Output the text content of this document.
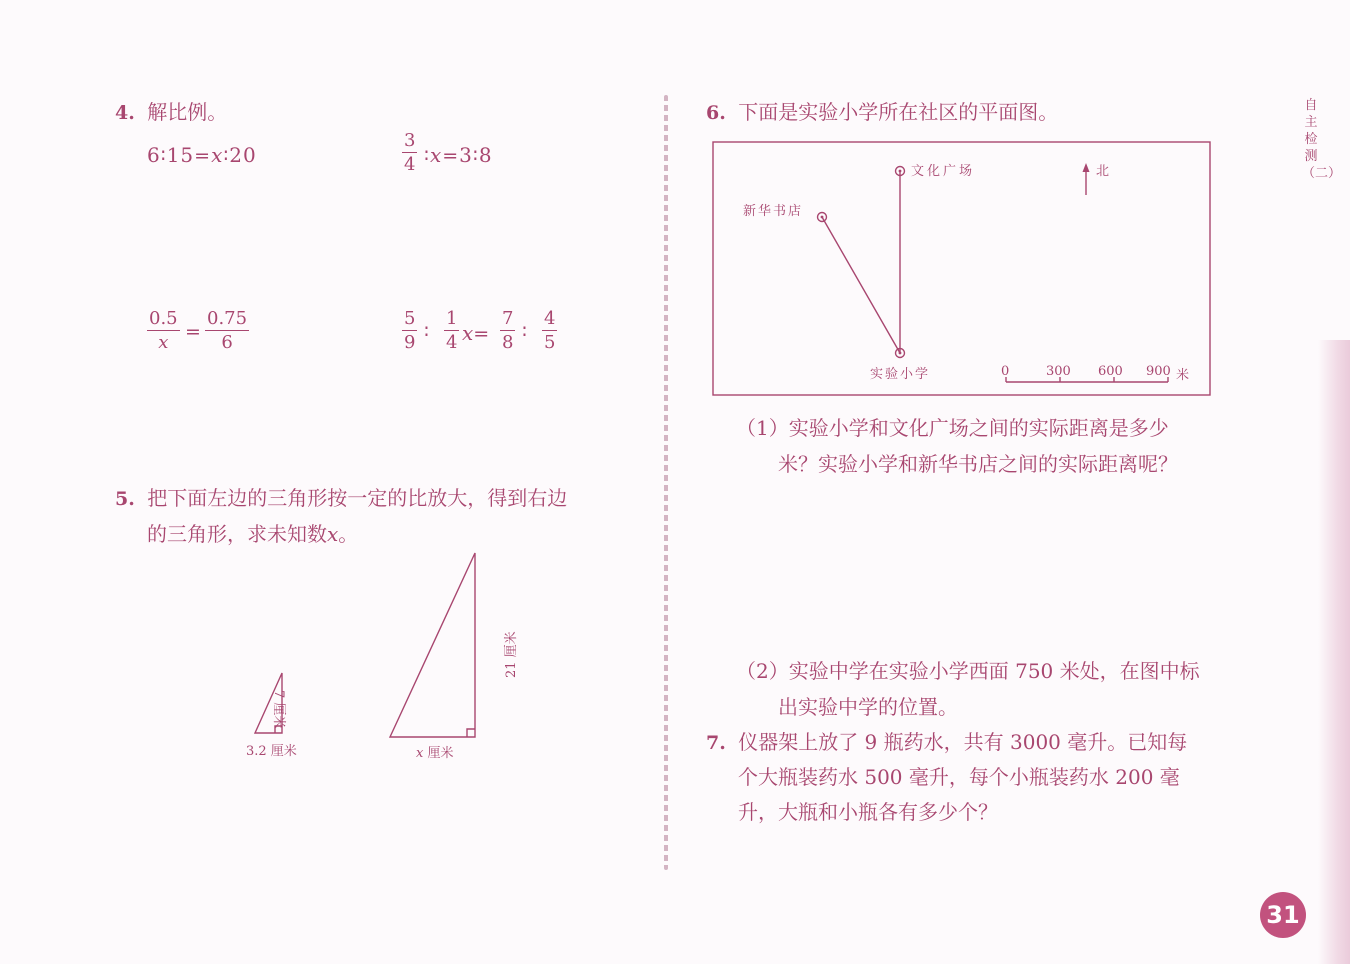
4. 解比例。
6∶15=x∶20	$\frac{3}{4}$ ∶x=3∶8
$\frac{0.5}{x} = \frac{0.75}{6}$	$\frac{5}{9}$ ∶ $\frac{1}{4} x= \frac{7}{8}$ ∶ $\frac{4}{5}$
5. 把下面左边的三角形按一定的比放大，得到右边
的三角形，求未知数x。
7 厘米
3.2 厘米
21 厘米
x 厘米
6. 下面是实验小学所在社区的平面图。
文化广场
新华书店
实验小学
北
0	300 600 900 米
（1）实验小学和文化广场之间的实际距离是多少
米？实验小学和新华书店之间的实际距离呢？
（2）实验中学在实验小学西面 750 米处，在图中标
出实验中学的位置。
7. 仪器架上放了 9 瓶药水，共有 3000 毫升。已知每
个大瓶装药水 500 毫升，每个小瓶装药水 200 毫
升，大瓶和小瓶各有多少个？
自主检测（二）
31
